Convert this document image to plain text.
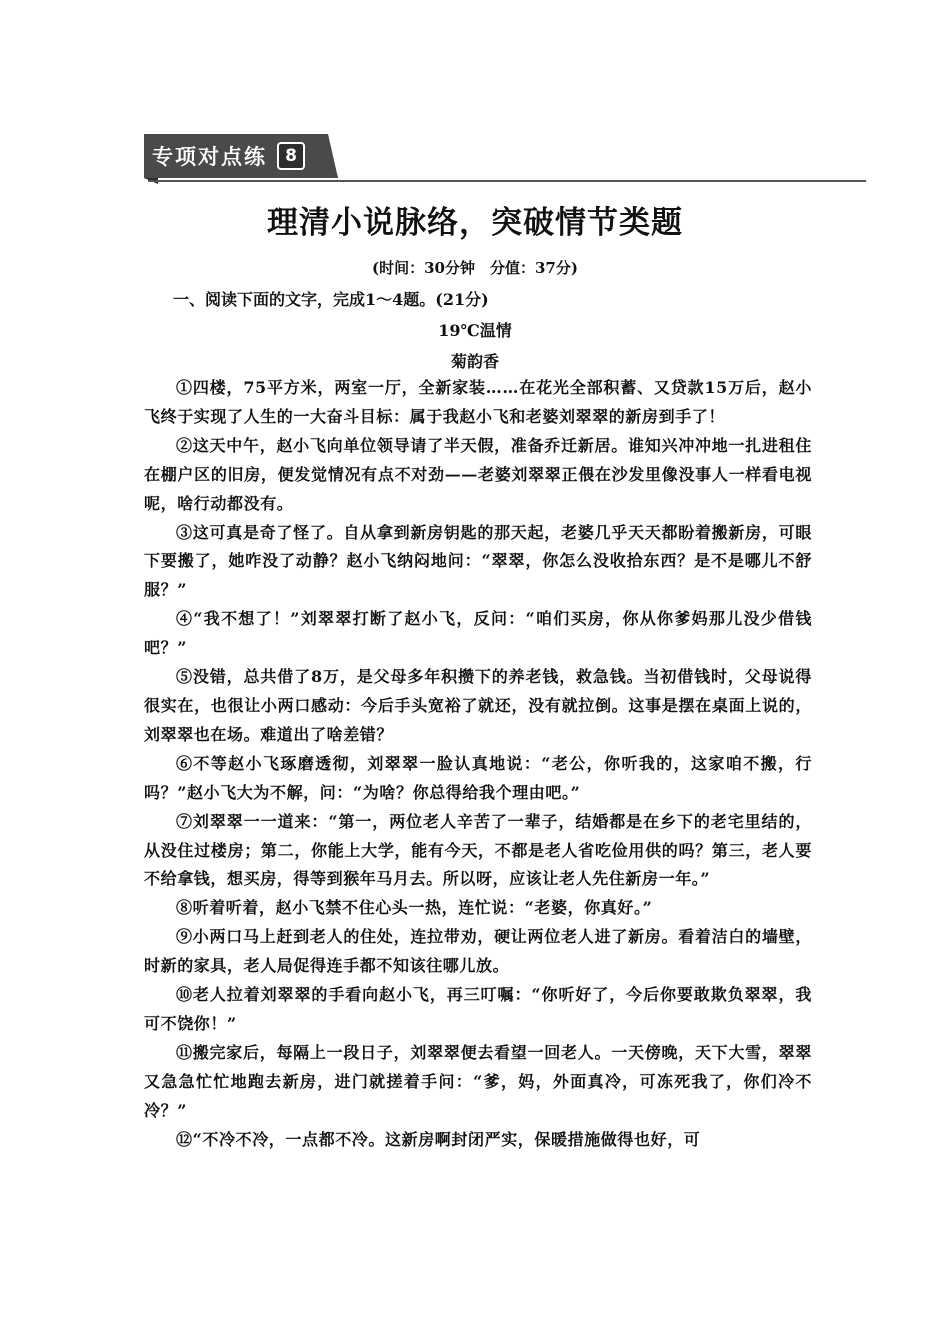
专项对点练	8
理清小说脉络，突破情节类题
(时间：30分钟　分值：37分)
一、阅读下面的文字，完成1～4题。(21分)
19℃温情
菊韵香

①四楼，75平方米，两室一厅，全新家装……在花光全部积蓄、又贷款15万后，赵小飞终于实现了人生的一大奋斗目标：属于我赵小飞和老婆刘翠翠的新房到手了！

②这天中午，赵小飞向单位领导请了半天假，准备乔迁新居。谁知兴冲冲地一扎进租住在棚户区的旧房，便发觉情况有点不对劲——老婆刘翠翠正偎在沙发里像没事人一样看电视呢，啥行动都没有。

③这可真是奇了怪了。自从拿到新房钥匙的那天起，老婆几乎天天都盼着搬新房，可眼下要搬了，她咋没了动静？赵小飞纳闷地问：“翠翠，你怎么没收拾东西？是不是哪儿不舒服？”

④“我不想了！”刘翠翠打断了赵小飞，反问：“咱们买房，你从你爹妈那儿没少借钱吧？”

⑤没错，总共借了8万，是父母多年积攒下的养老钱，救急钱。当初借钱时，父母说得很实在，也很让小两口感动：今后手头宽裕了就还，没有就拉倒。这事是摆在桌面上说的，刘翠翠也在场。难道出了啥差错？

⑥不等赵小飞琢磨透彻，刘翠翠一脸认真地说：“老公，你听我的，这家咱不搬，行吗？”赵小飞大为不解，问：“为啥？你总得给我个理由吧。”

⑦刘翠翠一一道来：“第一，两位老人辛苦了一辈子，结婚都是在乡下的老宅里结的，从没住过楼房；第二，你能上大学，能有今天，不都是老人省吃俭用供的吗？第三，老人要不给拿钱，想买房，得等到猴年马月去。所以呀，应该让老人先住新房一年。”

⑧听着听着，赵小飞禁不住心头一热，连忙说：“老婆，你真好。”

⑨小两口马上赶到老人的住处，连拉带劝，硬让两位老人进了新房。看着洁白的墙壁，时新的家具，老人局促得连手都不知该往哪儿放。

⑩老人拉着刘翠翠的手看向赵小飞，再三叮嘱：“你听好了，今后你要敢欺负翠翠，我可不饶你！”

⑪搬完家后，每隔上一段日子，刘翠翠便去看望一回老人。一天傍晚，天下大雪，翠翠又急急忙忙地跑去新房，进门就搓着手问：“爹，妈，外面真冷，可冻死我了，你们冷不冷？”

⑫“不冷不冷，一点都不冷。这新房啊封闭严实，保暖措施做得也好，可
